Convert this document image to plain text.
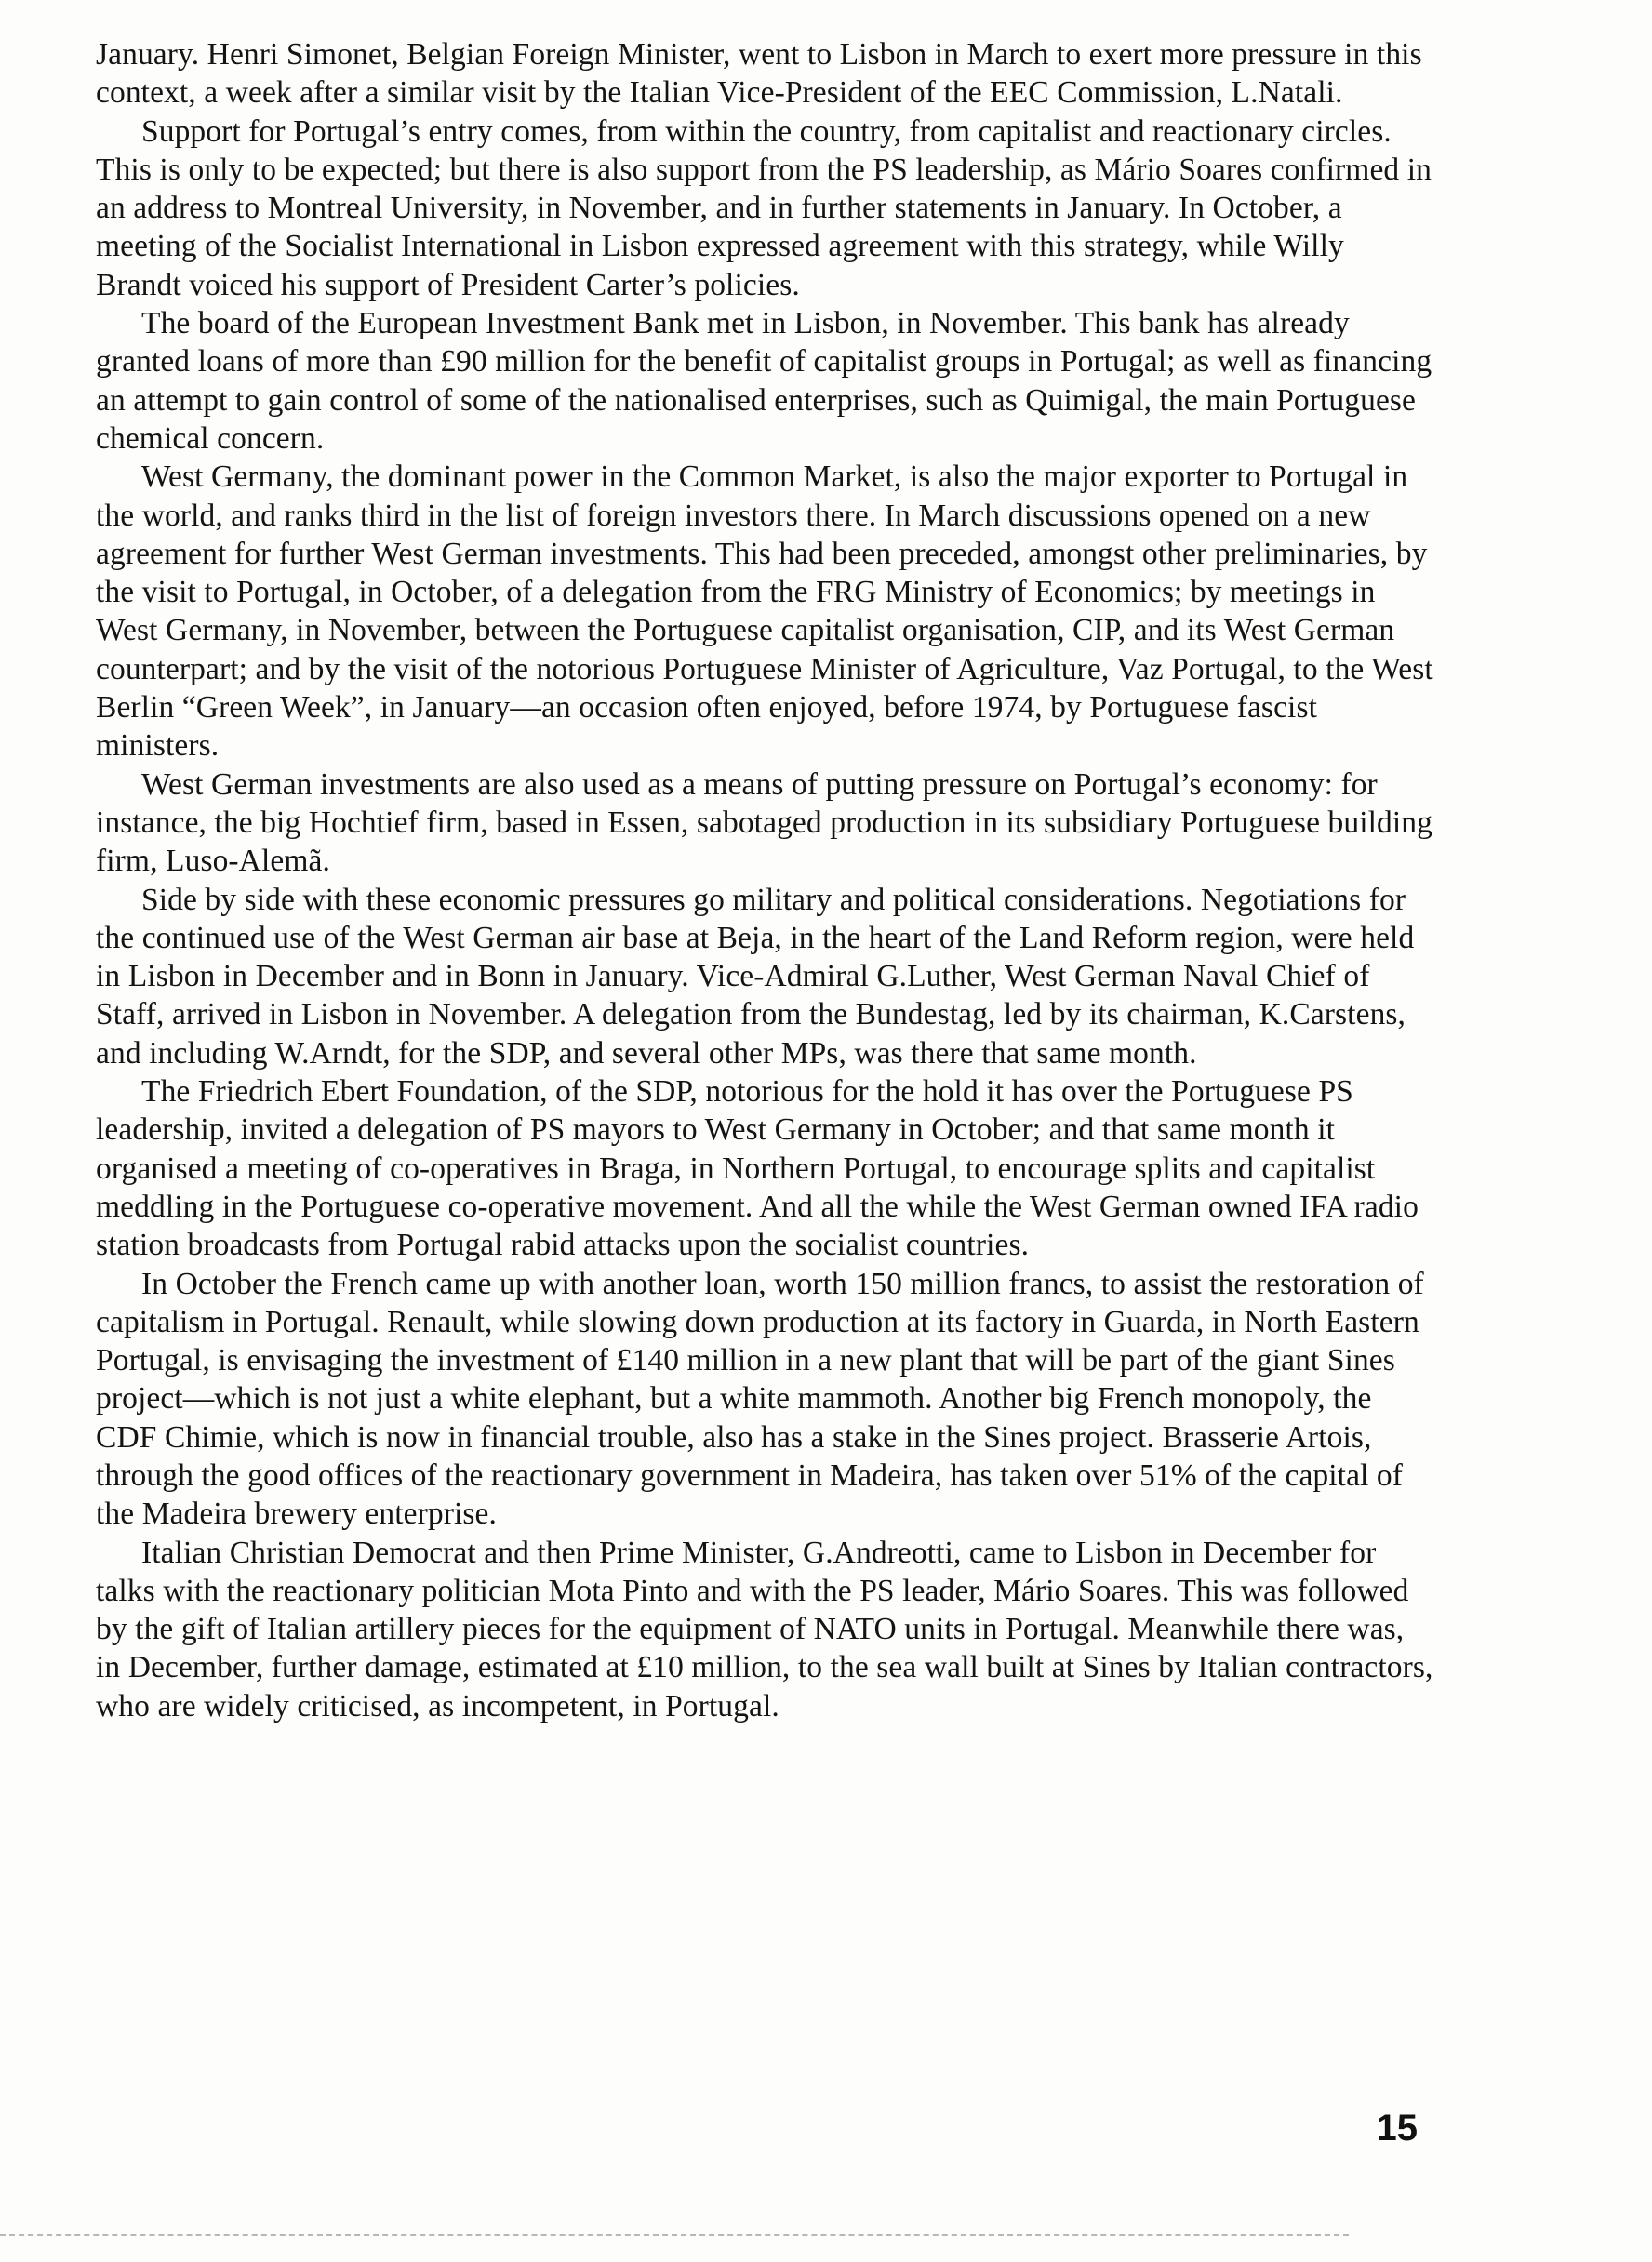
January. Henri Simonet, Belgian Foreign Minister, went to Lisbon in March to exert more pressure in this context, a week after a similar visit by the Italian Vice-President of the EEC Commission, L.Natali.

Support for Portugal’s entry comes, from within the country, from capitalist and reactionary circles. This is only to be expected; but there is also support from the PS leadership, as Mário Soares confirmed in an address to Montreal University, in November, and in further statements in January. In October, a meeting of the Socialist International in Lisbon expressed agreement with this strategy, while Willy Brandt voiced his support of President Carter’s policies.

The board of the European Investment Bank met in Lisbon, in November. This bank has already granted loans of more than £90 million for the benefit of capitalist groups in Portugal; as well as financing an attempt to gain control of some of the nationalised enterprises, such as Quimigal, the main Portuguese chemical concern.

West Germany, the dominant power in the Common Market, is also the major exporter to Portugal in the world, and ranks third in the list of foreign investors there. In March discussions opened on a new agreement for further West German investments. This had been preceded, amongst other preliminaries, by the visit to Portugal, in October, of a delegation from the FRG Ministry of Economics; by meetings in West Germany, in November, between the Portuguese capitalist organisation, CIP, and its West German counterpart; and by the visit of the notorious Portuguese Minister of Agriculture, Vaz Portugal, to the West Berlin “Green Week”, in January—an occasion often enjoyed, before 1974, by Portuguese fascist ministers.

West German investments are also used as a means of putting pressure on Portugal’s economy: for instance, the big Hochtief firm, based in Essen, sabotaged production in its subsidiary Portuguese building firm, Luso-Alemã.

Side by side with these economic pressures go military and political considerations. Negotiations for the continued use of the West German air base at Beja, in the heart of the Land Reform region, were held in Lisbon in December and in Bonn in January. Vice-Admiral G.Luther, West German Naval Chief of Staff, arrived in Lisbon in November. A delegation from the Bundestag, led by its chairman, K.Carstens, and including W.Arndt, for the SDP, and several other MPs, was there that same month.

The Friedrich Ebert Foundation, of the SDP, notorious for the hold it has over the Portuguese PS leadership, invited a delegation of PS mayors to West Germany in October; and that same month it organised a meeting of co-operatives in Braga, in Northern Portugal, to encourage splits and capitalist meddling in the Portuguese co-operative movement. And all the while the West German owned IFA radio station broadcasts from Portugal rabid attacks upon the socialist countries.

In October the French came up with another loan, worth 150 million francs, to assist the restoration of capitalism in Portugal. Renault, while slowing down production at its factory in Guarda, in North Eastern Portugal, is envisaging the investment of £140 million in a new plant that will be part of the giant Sines project—which is not just a white elephant, but a white mammoth. Another big French monopoly, the CDF Chimie, which is now in financial trouble, also has a stake in the Sines project. Brasserie Artois, through the good offices of the reactionary government in Madeira, has taken over 51% of the capital of the Madeira brewery enterprise.

Italian Christian Democrat and then Prime Minister, G.Andreotti, came to Lisbon in December for talks with the reactionary politician Mota Pinto and with the PS leader, Mário Soares. This was followed by the gift of Italian artillery pieces for the equipment of NATO units in Portugal. Meanwhile there was, in December, further damage, estimated at £10 million, to the sea wall built at Sines by Italian contractors, who are widely criticised, as incompetent, in Portugal.

15
